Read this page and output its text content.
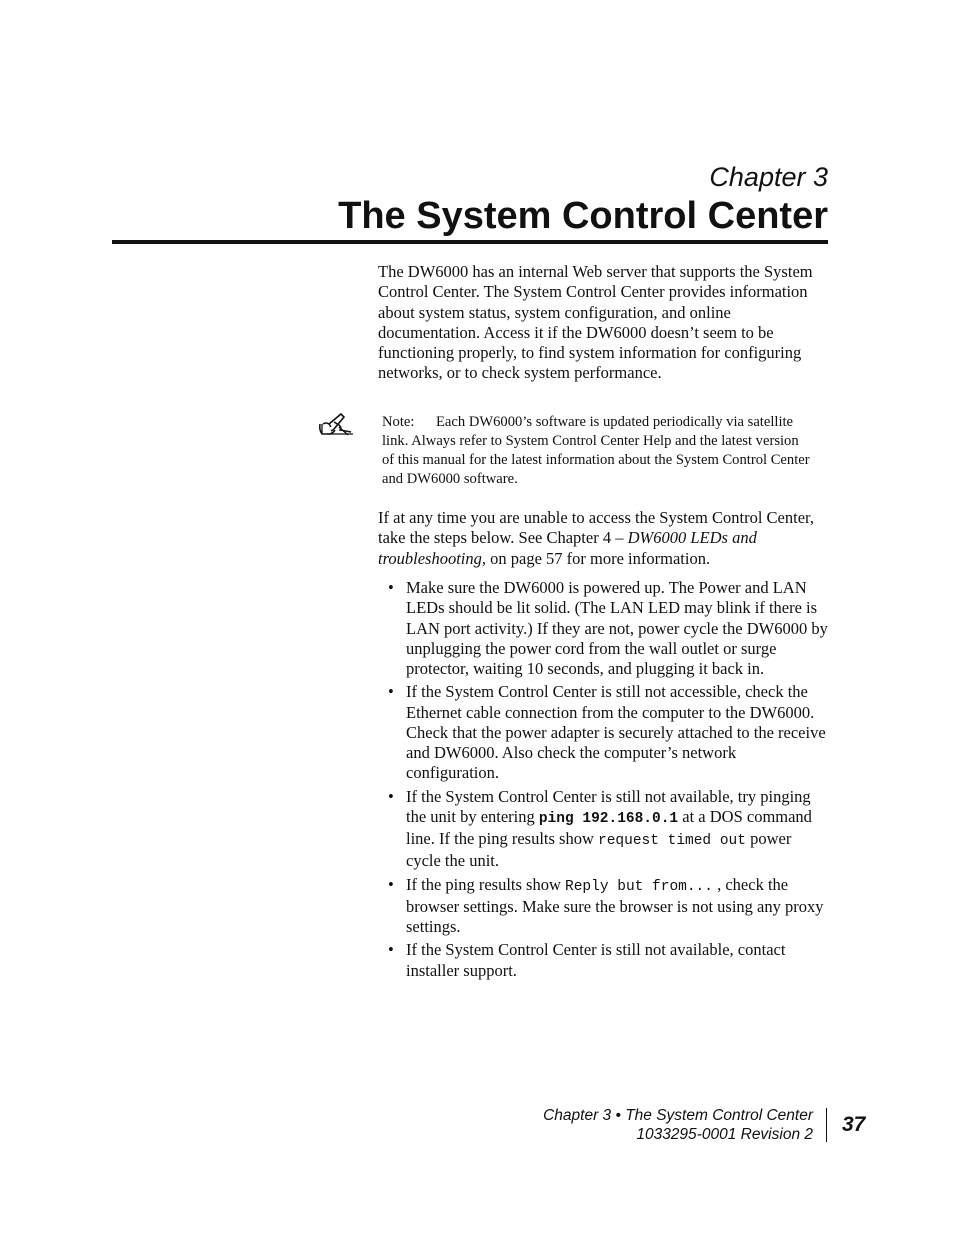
Chapter 3
The System Control Center
The DW6000 has an internal Web server that supports the System Control Center. The System Control Center provides information about system status, system configuration, and online documentation. Access it if the DW6000 doesn’t seem to be functioning properly, to find system information for configuring networks, or to check system performance.
Note: Each DW6000’s software is updated periodically via satellite link. Always refer to System Control Center Help and the latest version of this manual for the latest information about the System Control Center and DW6000 software.
If at any time you are unable to access the System Control Center, take the steps below. See Chapter 4 – DW6000 LEDs and troubleshooting, on page 57 for more information.
• Make sure the DW6000 is powered up. The Power and LAN LEDs should be lit solid. (The LAN LED may blink if there is LAN port activity.) If they are not, power cycle the DW6000 by unplugging the power cord from the wall outlet or surge protector, waiting 10 seconds, and plugging it back in.
• If the System Control Center is still not accessible, check the Ethernet cable connection from the computer to the DW6000. Check that the power adapter is securely attached to the receive and DW6000. Also check the computer’s network configuration.
• If the System Control Center is still not available, try pinging the unit by entering ping 192.168.0.1 at a DOS command line. If the ping results show request timed out power cycle the unit.
• If the ping results show Reply but from... , check the browser settings. Make sure the browser is not using any proxy settings.
• If the System Control Center is still not available, contact installer support.
Chapter 3 • The System Control Center
1033295-0001 Revision 2 37
